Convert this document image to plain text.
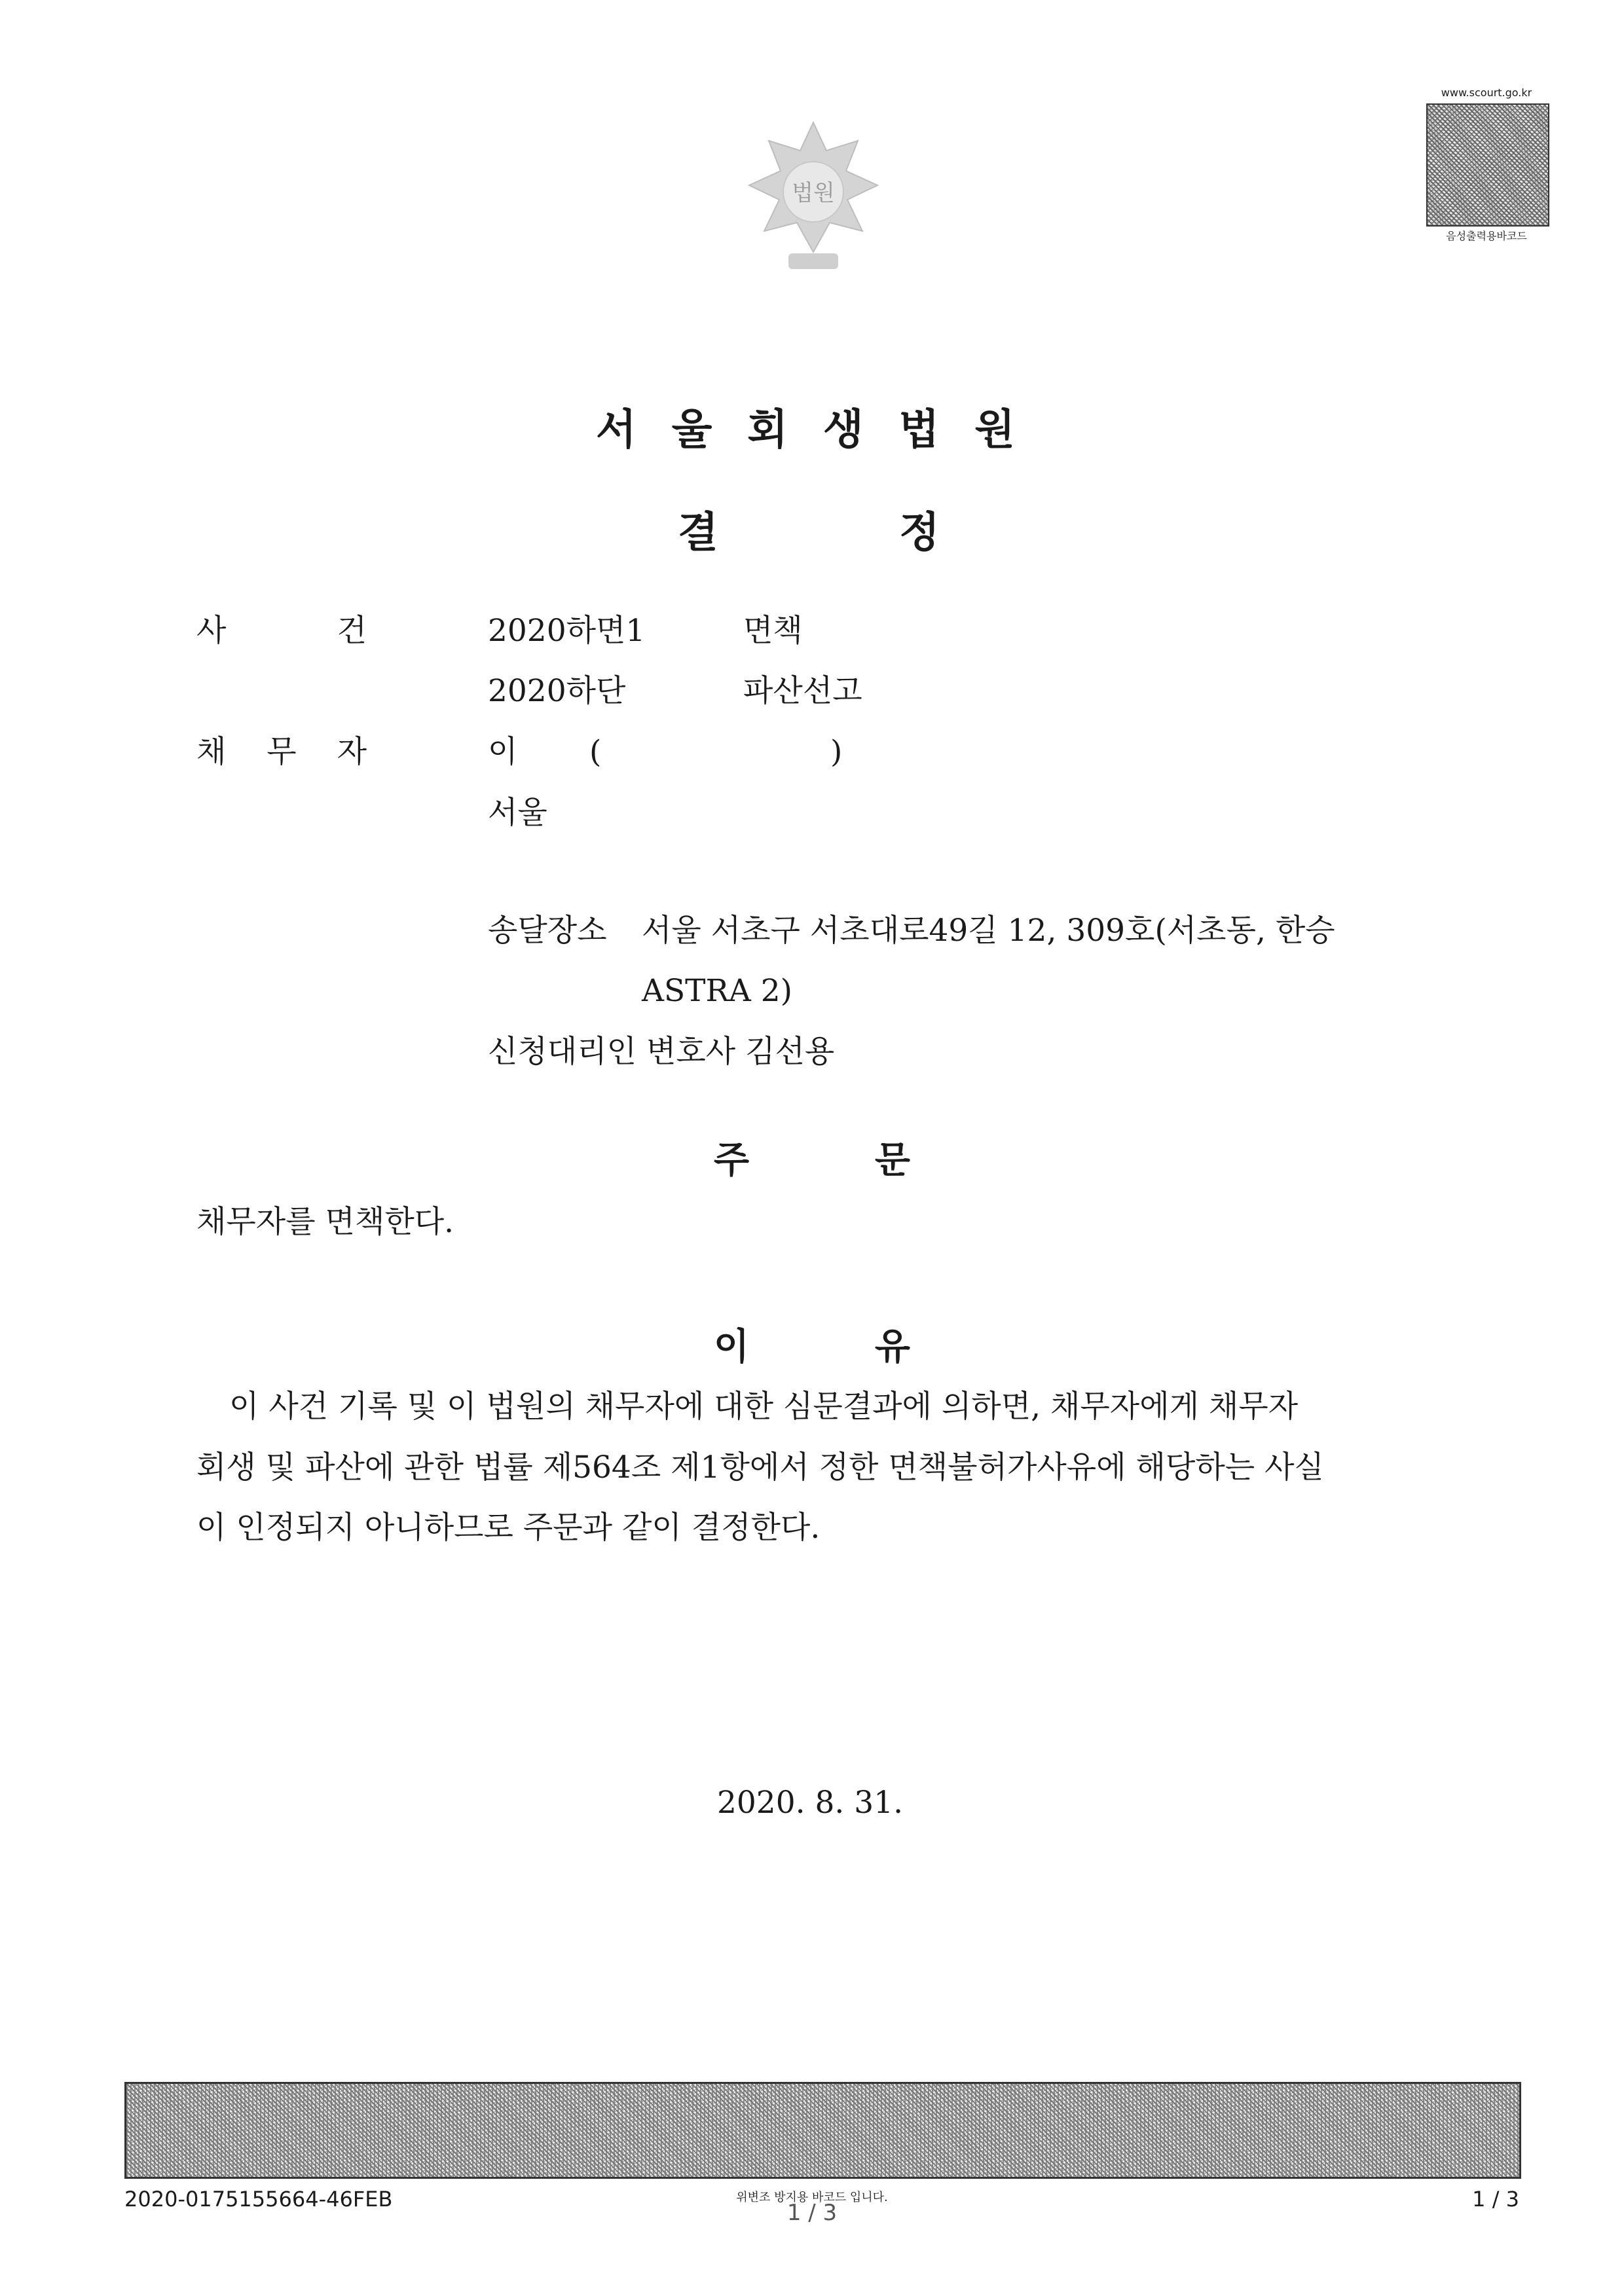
법원
www.scourt.go.kr
음성출력용바코드
서 울 회 생 법 원
결	정
사	건	2020하면1	면책
2020하단	파산선고
채 무 자	이 (	)
서울
송달장소 서울 서초구 서초대로49길 12, 309호(서초동, 한승
ASTRA 2)
신청대리인 변호사 김선용
주	문
채무자를 면책한다.
이	유
이 사건 기록 및 이 법원의 채무자에 대한 심문결과에 의하면, 채무자에게 채무자
회생 및 파산에 관한 법률 제564조 제1항에서 정한 면책불허가사유에 해당하는 사실
이 인정되지 아니하므로 주문과 같이 결정한다.
2020. 8. 31.
2020-0175155664-46FEB	위변조 방지용 바코드 입니다.
1 / 3
1 / 3
